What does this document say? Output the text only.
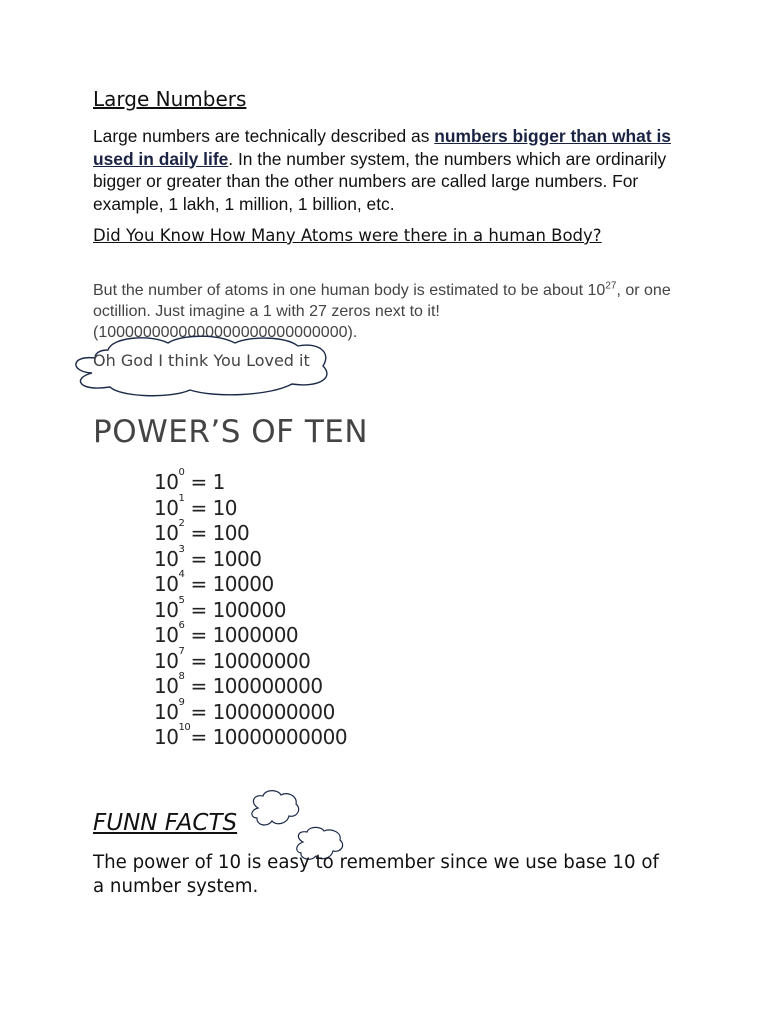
Large Numbers
Large numbers are technically described as numbers bigger than what is used in daily life. In the number system, the numbers which are ordinarily bigger or greater than the other numbers are called large numbers. For example, 1 lakh, 1 million, 1 billion, etc.
Did You Know How Many Atoms were there in a human Body?
But the number of atoms in one human body is estimated to be about $10^{27}$, or one octillion. Just imagine a 1 with 27 zeros next to it! (1000000000000000000000000000).
Oh God I think You Loved it
POWER’S OF TEN
100 = 1
101 = 10
102 = 100
103 = 1000
104 = 10000
105 = 100000
106 = 1000000
107 = 10000000
108 = 100000000
109 = 1000000000
1010= 10000000000
FUNN FACTS
The power of 10 is easy to remember since we use base 10 of a number system.
